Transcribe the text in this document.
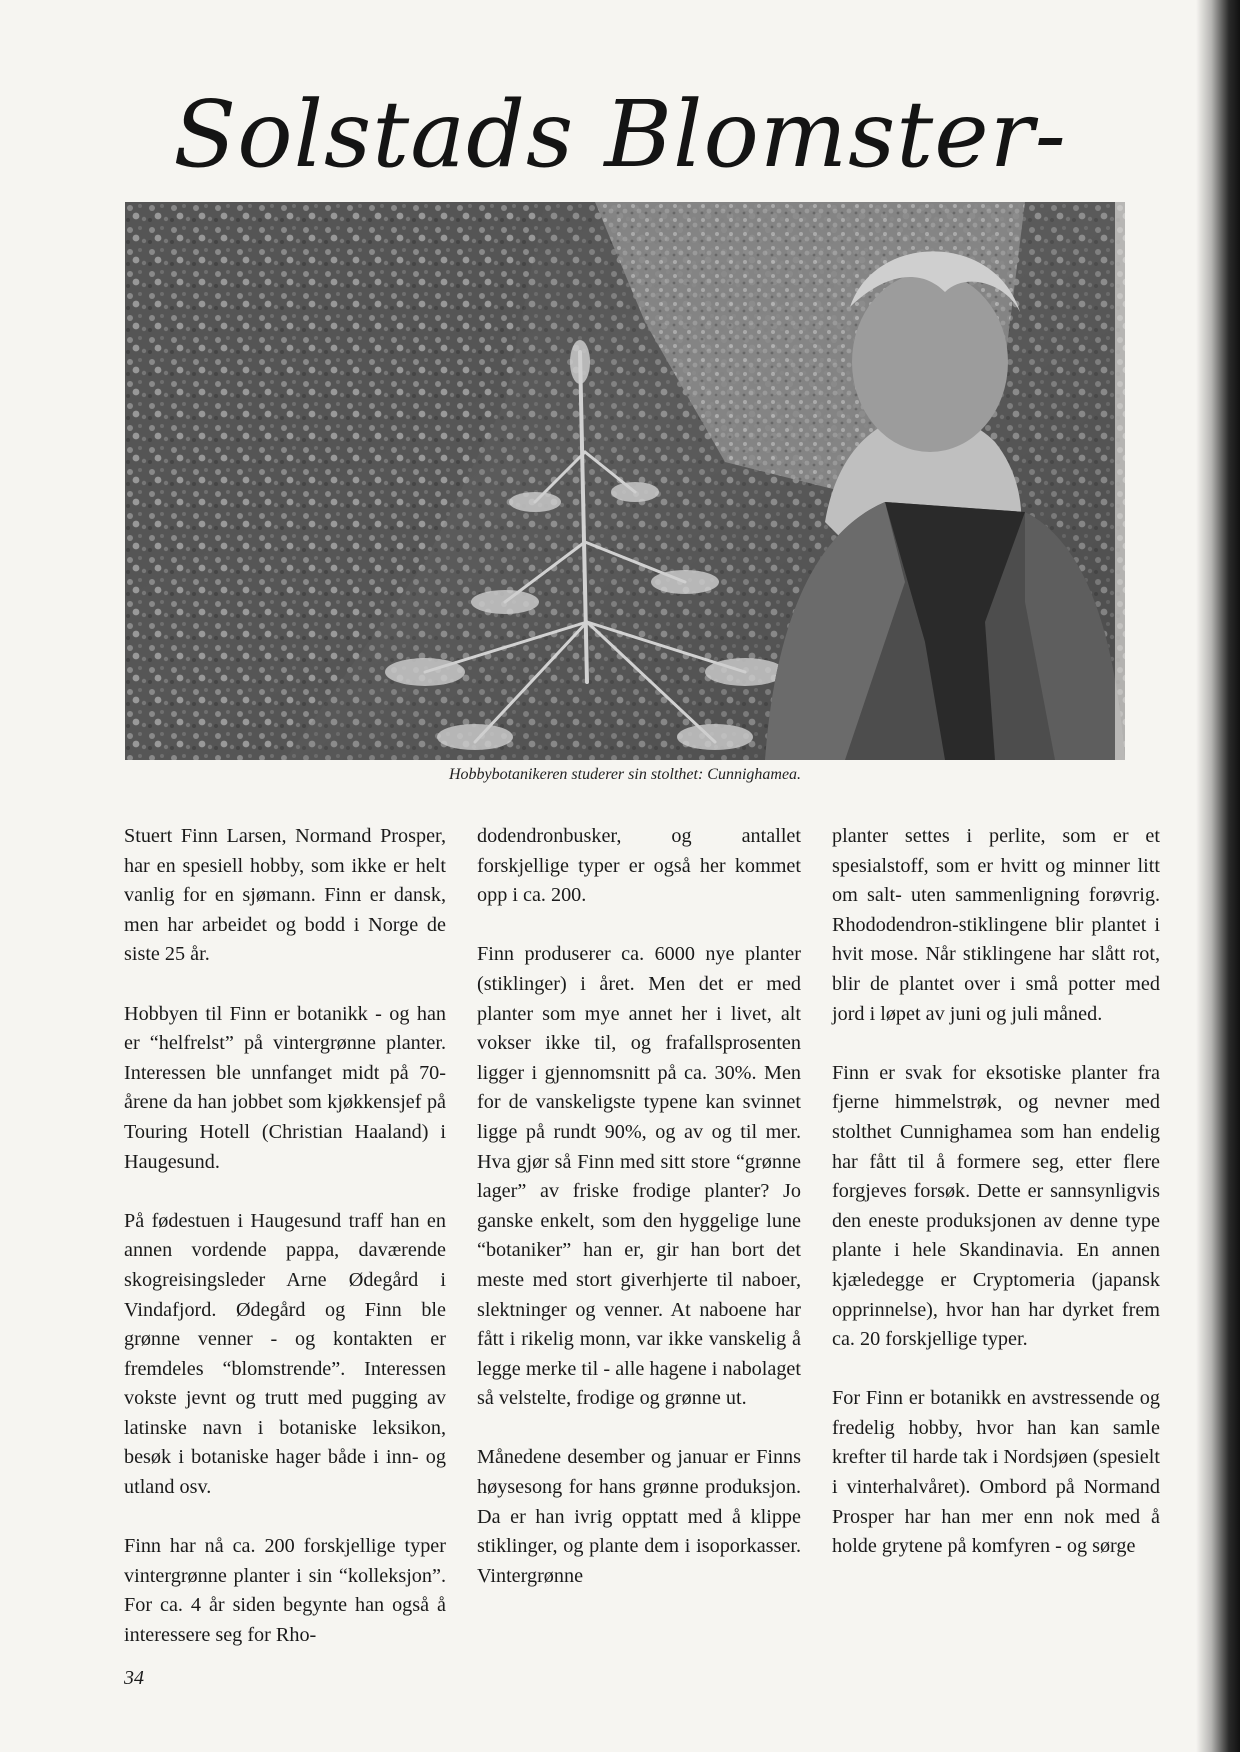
Solstads Blomster-
Hobbybotanikeren studerer sin stolthet: Cunnighamea.

Stuert Finn Larsen, Normand Prosper, har en spesiell hobby, som ikke er helt vanlig for en sjømann. Finn er dansk, men har arbeidet og bodd i Norge de siste 25 år.

Hobbyen til Finn er botanikk - og han er “helfrelst” på vintergrønne planter. Interessen ble unnfanget midt på 70-årene da han jobbet som kjøkkensjef på Touring Hotell (Christian Haaland) i Haugesund.

På fødestuen i Haugesund traff han en annen vordende pappa, daværende skogreisingsleder Arne Ødegård i Vindafjord. Ødegård og Finn ble grønne venner - og kontakten er fremdeles “blomstrende”. Interessen vokste jevnt og trutt med pugging av latinske navn i botaniske leksikon, besøk i botaniske hager både i inn- og utland osv.

Finn har nå ca. 200 forskjellige typer vintergrønne planter i sin “kolleksjon”. For ca. 4 år siden begynte han også å interessere seg for Rho-

dodendronbusker, og antallet forskjellige typer er også her kommet opp i ca. 200.

Finn produserer ca. 6000 nye planter (stiklinger) i året. Men det er med planter som mye annet her i livet, alt vokser ikke til, og frafallsprosenten ligger i gjennomsnitt på ca. 30%. Men for de vanskeligste typene kan svinnet ligge på rundt 90%, og av og til mer. Hva gjør så Finn med sitt store “grønne lager” av friske frodige planter? Jo ganske enkelt, som den hyggelige lune “botaniker” han er, gir han bort det meste med stort giverhjerte til naboer, slektninger og venner. At naboene har fått i rikelig monn, var ikke vanskelig å legge merke til - alle hagene i nabolaget så velstelte, frodige og grønne ut.

Månedene desember og januar er Finns høysesong for hans grønne produksjon. Da er han ivrig opptatt med å klippe stiklinger, og plante dem i isoporkasser. Vintergrønne

planter settes i perlite, som er et spesialstoff, som er hvitt og minner litt om salt- uten sammenligning forøvrig. Rhododendron-stiklingene blir plantet i hvit mose. Når stiklingene har slått rot, blir de plantet over i små potter med jord i løpet av juni og juli måned.

Finn er svak for eksotiske planter fra fjerne himmelstrøk, og nevner med stolthet Cunnighamea som han endelig har fått til å formere seg, etter flere forgjeves forsøk. Dette er sannsynligvis den eneste produksjonen av denne type plante i hele Skandinavia. En annen kjæledegge er Cryptomeria (japansk opprinnelse), hvor han har dyrket frem ca. 20 forskjellige typer.

For Finn er botanikk en avstressende og fredelig hobby, hvor han kan samle krefter til harde tak i Nordsjøen (spesielt i vinterhalvåret). Ombord på Normand Prosper har han mer enn nok med å holde grytene på komfyren - og sørge

34
